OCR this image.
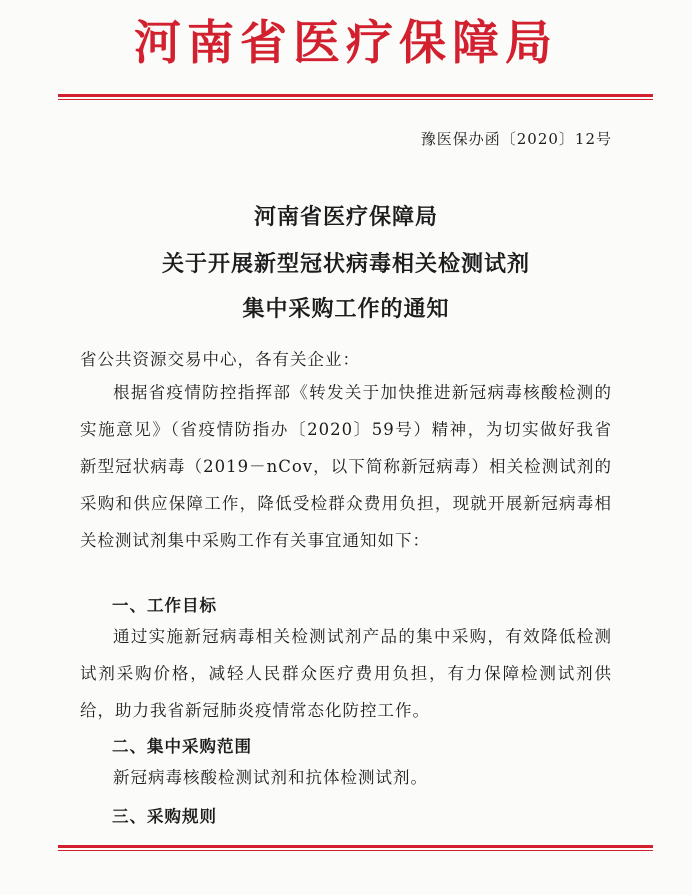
河南省医疗保障局
豫医保办函〔2020〕12号
河南省医疗保障局
关于开展新型冠状病毒相关检测试剂
集中采购工作的通知
省公共资源交易中心，各有关企业：
根据省疫情防控指挥部《转发关于加快推进新冠病毒核酸检测的实施意见》（省疫情防指办〔2020〕59号）精神，为切实做好我省新型冠状病毒（2019－nCov，以下简称新冠病毒）相关检测试剂的采购和供应保障工作，降低受检群众费用负担，现就开展新冠病毒相关检测试剂集中采购工作有关事宜通知如下：
一、工作目标
通过实施新冠病毒相关检测试剂产品的集中采购，有效降低检测试剂采购价格，减轻人民群众医疗费用负担，有力保障检测试剂供给，助力我省新冠肺炎疫情常态化防控工作。
二、集中采购范围
新冠病毒核酸检测试剂和抗体检测试剂。
三、采购规则
